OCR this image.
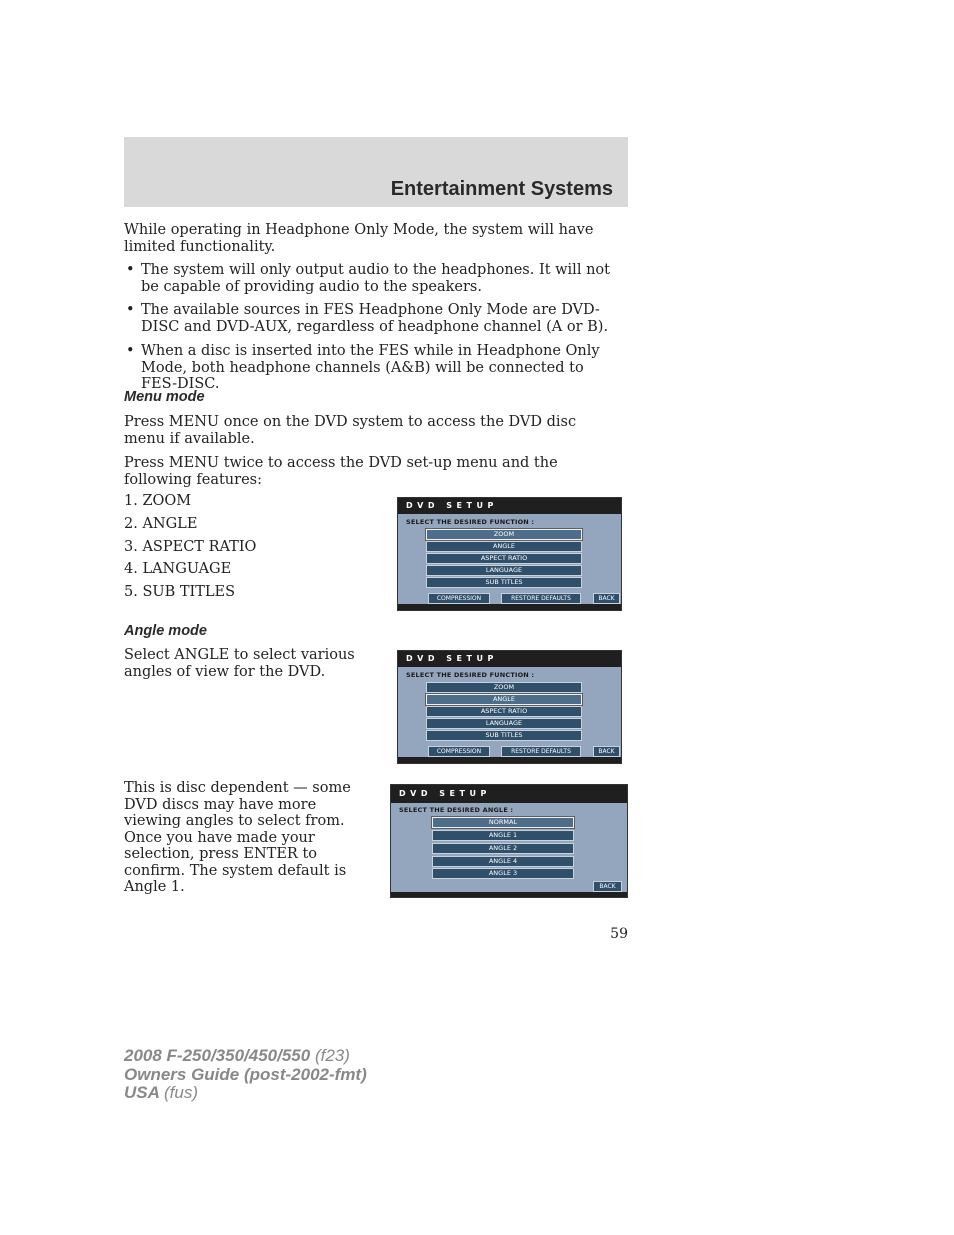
Entertainment Systems

While operating in Headphone Only Mode, the system will have limited functionality.

• The system will only output audio to the headphones. It will not be capable of providing audio to the speakers.
• The available sources in FES Headphone Only Mode are DVD-DISC and DVD-AUX, regardless of headphone channel (A or B).
• When a disc is inserted into the FES while in Headphone Only Mode, both headphone channels (A&B) will be connected to FES-DISC.
Menu mode

Press MENU once on the DVD system to access the DVD disc menu if available.

Press MENU twice to access the DVD set-up menu and the following features:

1. ZOOM
2. ANGLE
3. ASPECT RATIO
4. LANGUAGE
5. SUB TITLES
DVD SETUP
SELECT THE DESIRED FUNCTION :
ZOOM
ANGLE
ASPECT RATIO
LANGUAGE
SUB TITLES
COMPRESSION	RESTORE DEFAULTS	BACK
Angle mode

Select ANGLE to select various angles of view for the DVD.

DVD SETUP
SELECT THE DESIRED FUNCTION :
ZOOM
ANGLE
ASPECT RATIO
LANGUAGE
SUB TITLES
COMPRESSION	RESTORE DEFAULTS	BACK

This is disc dependent — some DVD discs may have more viewing angles to select from. Once you have made your selection, press ENTER to confirm. The system default is Angle 1.

DVD SETUP
SELECT THE DESIRED ANGLE :
NORMAL
ANGLE 1
ANGLE 2
ANGLE 4
ANGLE 3
BACK
59
2008 F-250/350/450/550 (f23)
Owners Guide (post-2002-fmt)
USA (fus)
